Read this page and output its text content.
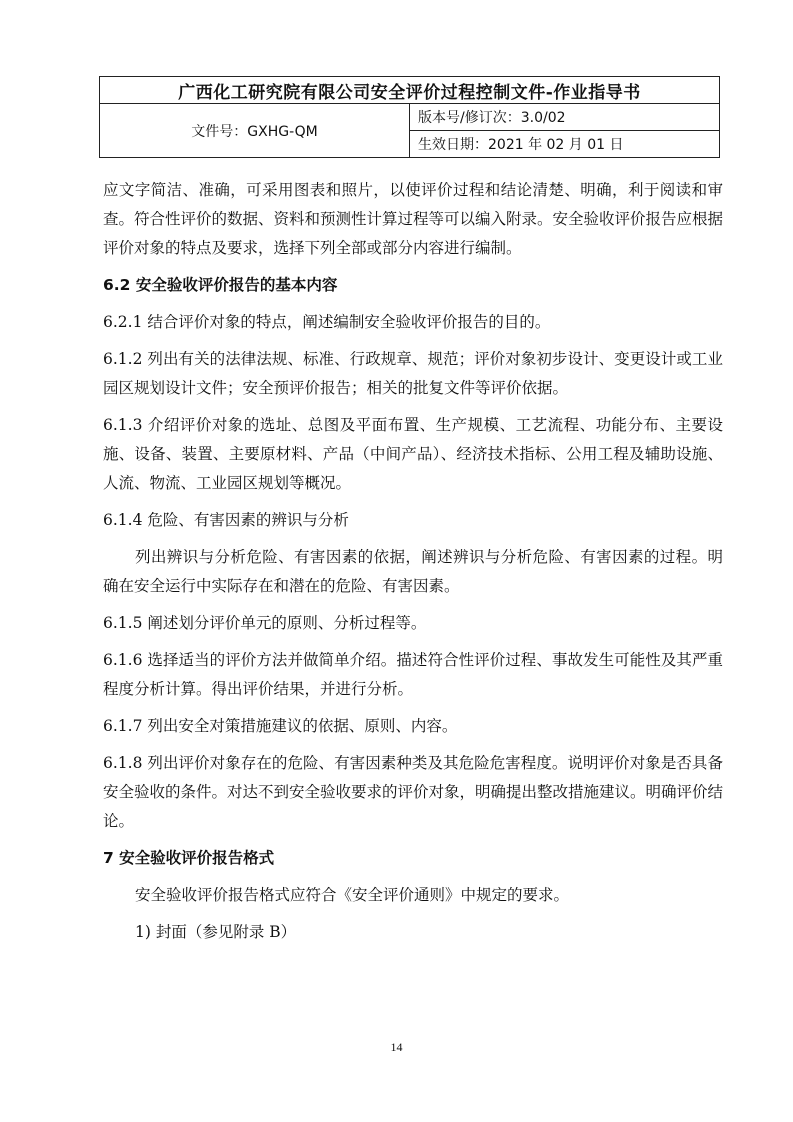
广西化工研究院有限公司安全评价过程控制文件-作业指导书
文件号：GXHG-QM	版本号/修订次：3.0/02
生效日期：2021 年 02 月 01 日

应文字简洁、准确，可采用图表和照片，以使评价过程和结论清楚、明确，利于阅读和审查。符合性评价的数据、资料和预测性计算过程等可以编入附录。安全验收评价报告应根据评价对象的特点及要求，选择下列全部或部分内容进行编制。

6.2 安全验收评价报告的基本内容

6.2.1 结合评价对象的特点，阐述编制安全验收评价报告的目的。

6.1.2 列出有关的法律法规、标准、行政规章、规范；评价对象初步设计、变更设计或工业园区规划设计文件；安全预评价报告；相关的批复文件等评价依据。

6.1.3 介绍评价对象的选址、总图及平面布置、生产规模、工艺流程、功能分布、主要设施、设备、装置、主要原材料、产品（中间产品）、经济技术指标、公用工程及辅助设施、人流、物流、工业园区规划等概况。

6.1.4 危险、有害因素的辨识与分析

列出辨识与分析危险、有害因素的依据，阐述辨识与分析危险、有害因素的过程。明确在安全运行中实际存在和潜在的危险、有害因素。

6.1.5 阐述划分评价单元的原则、分析过程等。

6.1.6 选择适当的评价方法并做简单介绍。描述符合性评价过程、事故发生可能性及其严重程度分析计算。得出评价结果，并进行分析。

6.1.7 列出安全对策措施建议的依据、原则、内容。

6.1.8 列出评价对象存在的危险、有害因素种类及其危险危害程度。说明评价对象是否具备安全验收的条件。对达不到安全验收要求的评价对象，明确提出整改措施建议。明确评价结论。

7 安全验收评价报告格式

安全验收评价报告格式应符合《安全评价通则》中规定的要求。

1) 封面（参见附录 B）

14
